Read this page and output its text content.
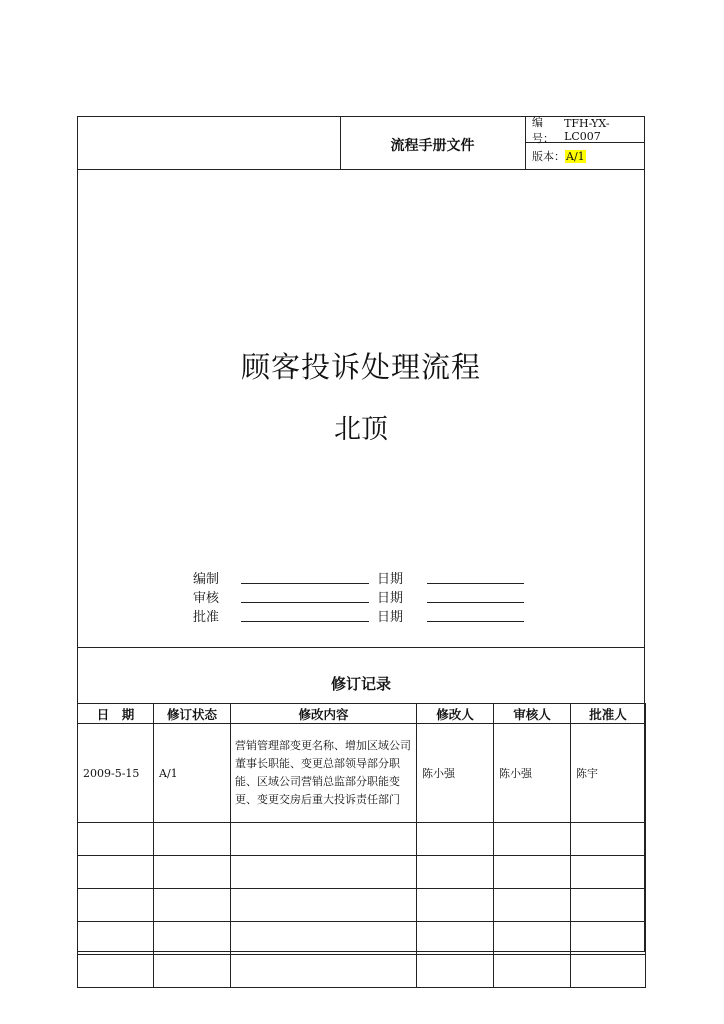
流程手册文件
编号：
TFH-YX-LC007
版本： A/1
顾客投诉处理流程
北顶
编制	日期
审核	日期
批准	日期
修订记录
日　期	修订状态	修改内容	修改人	审核人	批准人
2009-5-15	A/1	营销管理部变更名称、增加区域公司董事长职能、变更总部领导部分职能、区域公司营销总监部分职能变更、变更交房后重大投诉责任部门	陈小强	陈小强	陈宇
